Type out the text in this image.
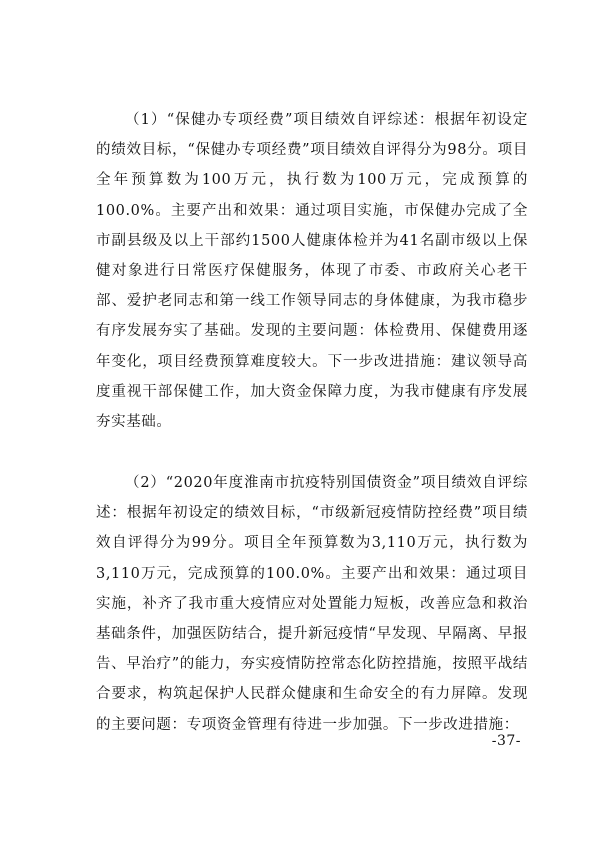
（1）“保健办专项经费”项目绩效自评综述：根据年初设定的绩效目标，“保健办专项经费”项目绩效自评得分为98分。项目全年预算数为100万元，执行数为100万元，完成预算的100.0%。主要产出和效果：通过项目实施，市保健办完成了全市副县级及以上干部约1500人健康体检并为41名副市级以上保健对象进行日常医疗保健服务，体现了市委、市政府关心老干部、爱护老同志和第一线工作领导同志的身体健康，为我市稳步有序发展夯实了基础。发现的主要问题：体检费用、保健费用逐年变化，项目经费预算难度较大。下一步改进措施：建议领导高度重视干部保健工作，加大资金保障力度，为我市健康有序发展夯实基础。

（2）“2020年度淮南市抗疫特别国债资金”项目绩效自评综述：根据年初设定的绩效目标，“市级新冠疫情防控经费”项目绩效自评得分为99分。项目全年预算数为3,110万元，执行数为3,110万元，完成预算的100.0%。主要产出和效果：通过项目实施，补齐了我市重大疫情应对处置能力短板，改善应急和救治基础条件，加强医防结合，提升新冠疫情“早发现、早隔离、早报告、早治疗”的能力，夯实疫情防控常态化防控措施，按照平战结合要求，构筑起保护人民群众健康和生命安全的有力屏障。发现的主要问题：专项资金管理有待进一步加强。下一步改进措施：

-37-
